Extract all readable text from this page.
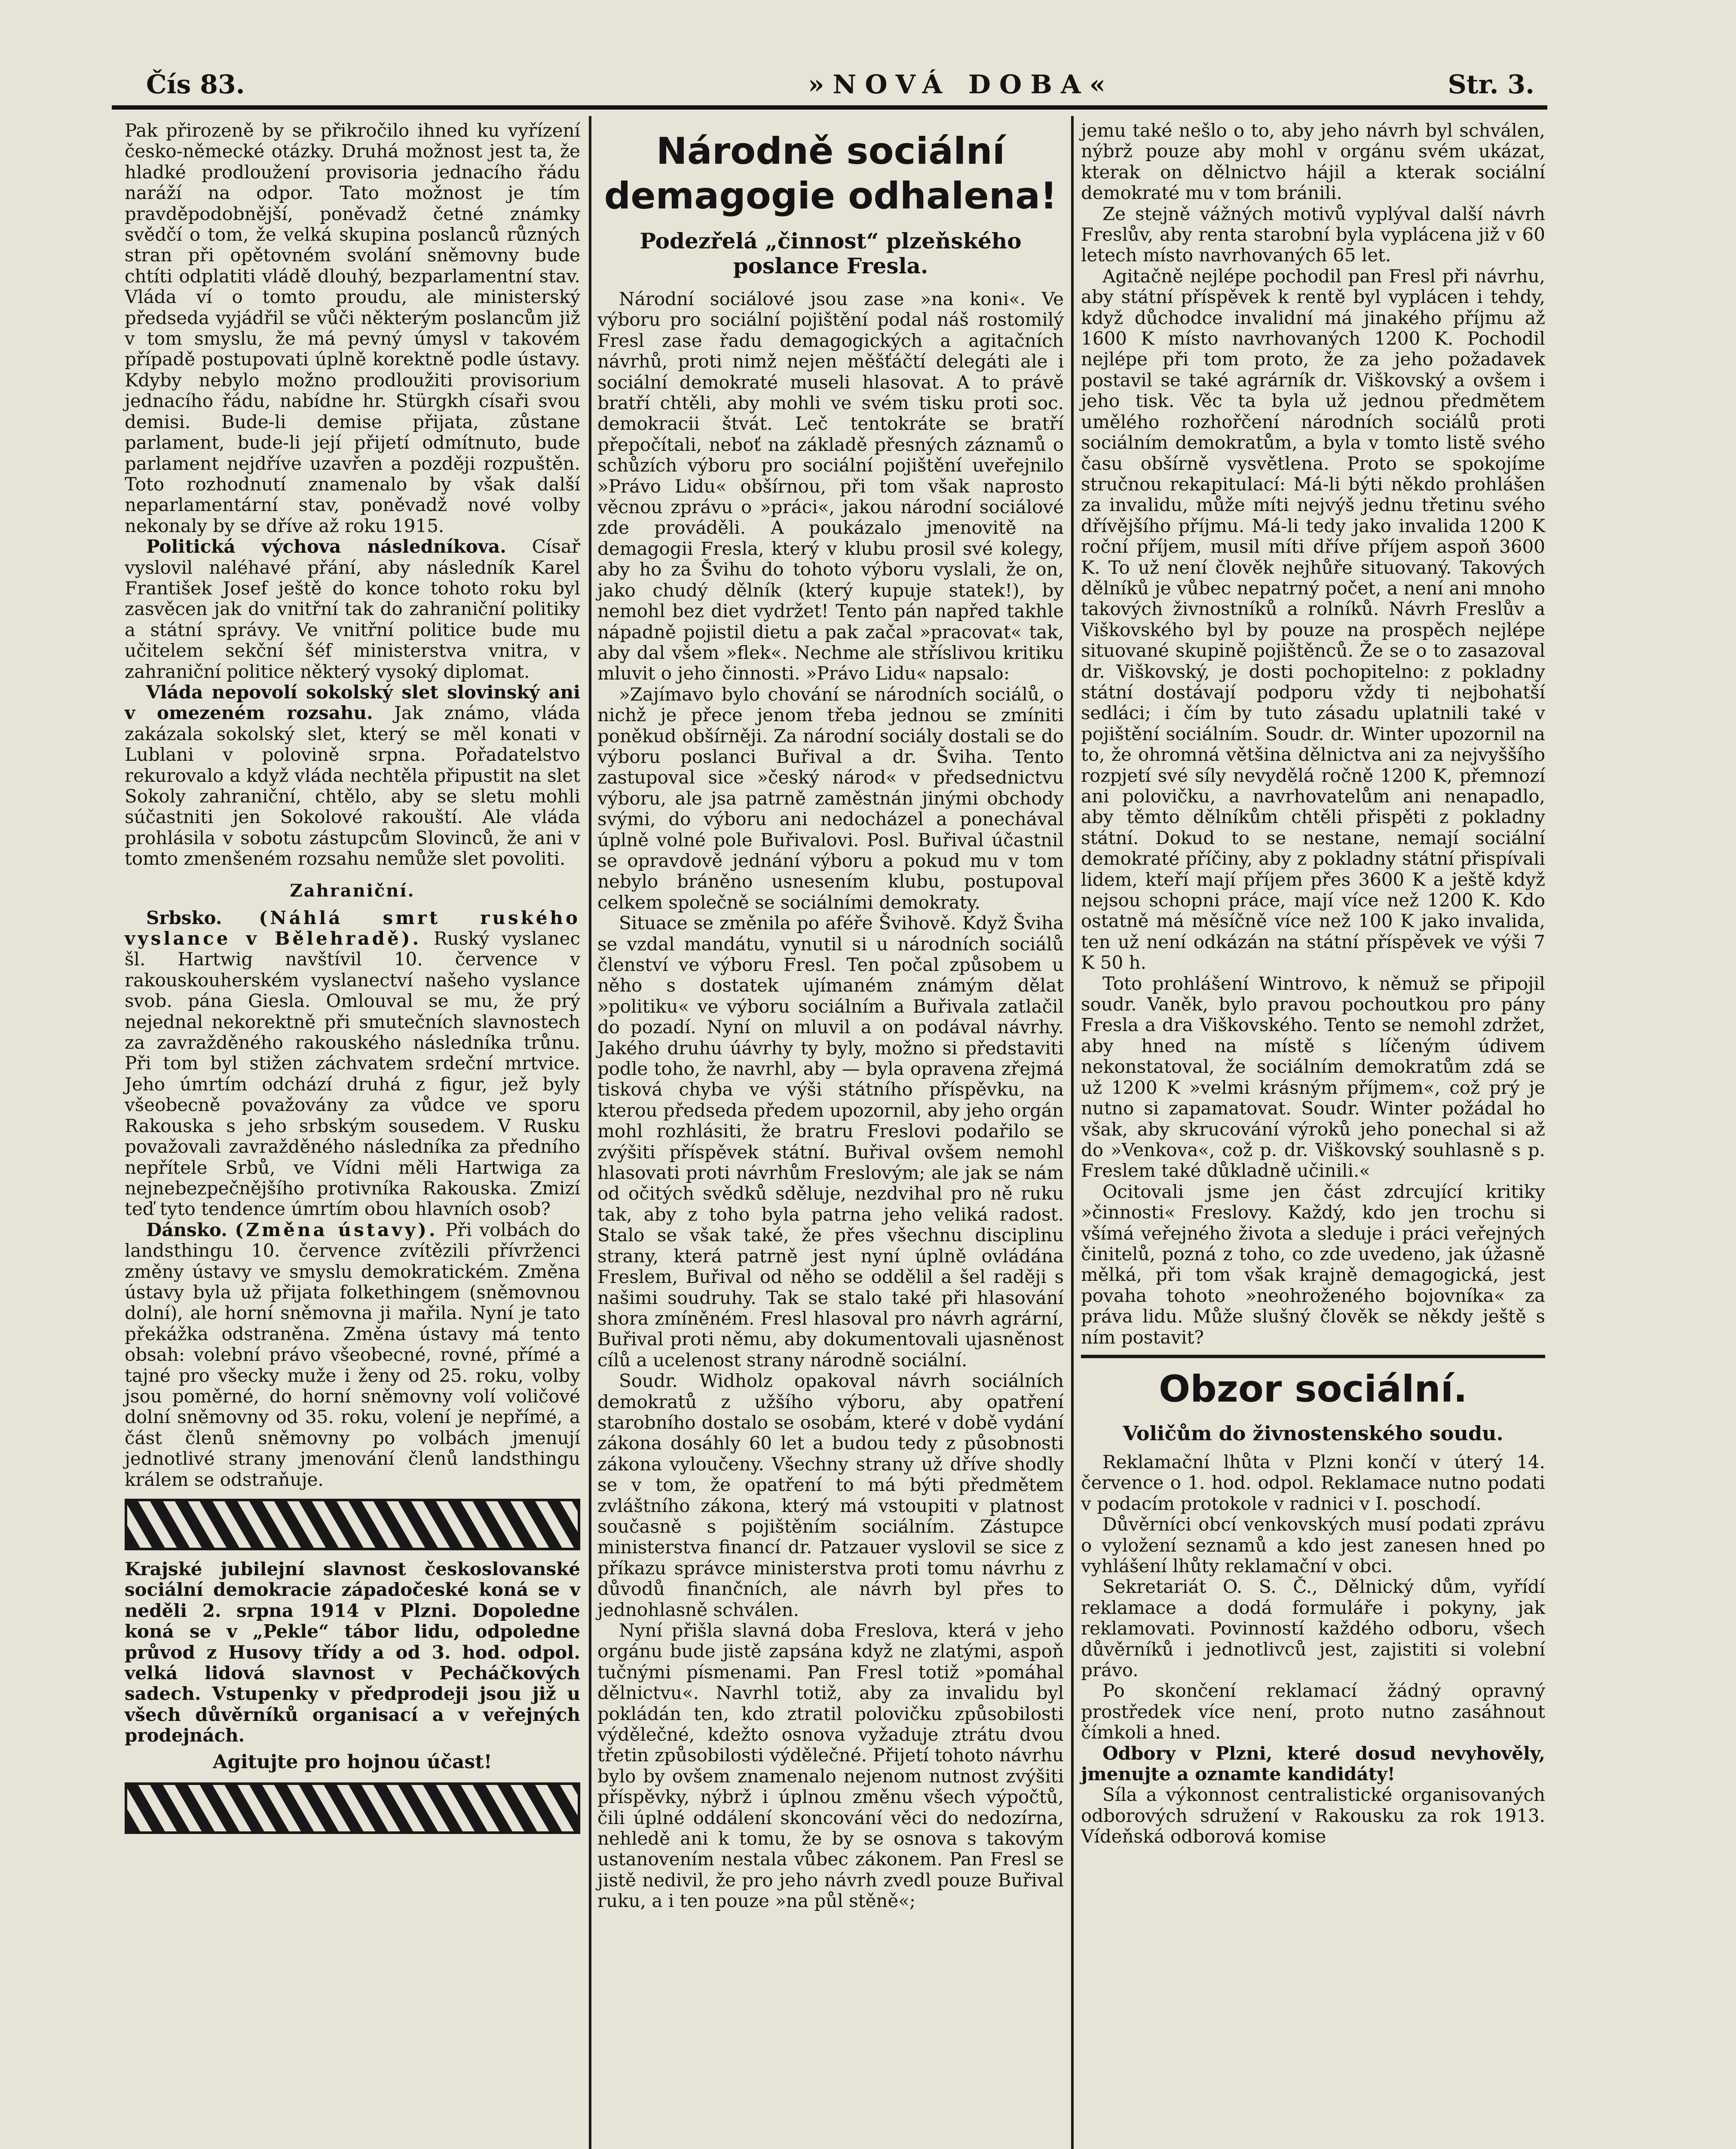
Čís 83.	»NOVÁ DOBA«	Str. 3.

Pak přirozeně by se přikročilo ihned ku vyřízení česko-německé otázky. Druhá možnost jest ta, že hladké prodloužení provisoria jednacího řádu naráží na odpor. Tato možnost je tím pravděpodobnější, poněvadž četné známky svědčí o tom, že velká skupina poslanců různých stran při opětovném svolání sněmovny bude chtíti odplatiti vládě dlouhý, bezparlamentní stav. Vláda ví o tomto proudu, ale ministerský předseda vyjádřil se vůči některým poslancům již v tom smyslu, že má pevný úmysl v takovém případě postupovati úplně korektně podle ústavy. Kdyby nebylo možno prodloužiti provisorium jednacího řádu, nabídne hr. Stürgkh císaři svou demisi. Bude-li demise přijata, zůstane parlament, bude-li její přijetí odmítnuto, bude parlament nejdříve uzavřen a později rozpuštěn. Toto rozhodnutí znamenalo by však další neparlamentární stav, poněvadž nové volby nekonaly by se dříve až roku 1915.

Politická výchova následníkova. Císař vyslovil naléhavé přání, aby následník Karel František Josef ještě do konce tohoto roku byl zasvěcen jak do vnitřní tak do zahraniční politiky a státní správy. Ve vnitřní politice bude mu učitelem sekční šéf ministerstva vnitra, v zahraniční politice některý vysoký diplomat.

Vláda nepovolí sokolský slet slovinský ani v omezeném rozsahu. Jak známo, vláda zakázala sokolský slet, který se měl konati v Lublani v polovině srpna. Pořadatelstvo rekurovalo a když vláda nechtěla připustit na slet Sokoly zahraniční, chtělo, aby se sletu mohli súčastniti jen Sokolové rakouští. Ale vláda prohlásila v sobotu zástupcům Slovinců, že ani v tomto zmenšeném rozsahu nemůže slet povoliti.

Zahraniční.

Srbsko. (Náhlá smrt ruského vyslance v Bělehradě). Ruský vyslanec šl. Hartwig navštívil 10. července v rakouskouherském vyslanectví našeho vyslance svob. pána Giesla. Omlouval se mu, že prý nejednal nekorektně při smutečních slavnostech za zavražděného rakouského následníka trůnu. Při tom byl stižen záchvatem srdeční mrtvice. Jeho úmrtím odchází druhá z figur, jež byly všeobecně považovány za vůdce ve sporu Rakouska s jeho srbským sousedem. V Rusku považovali zavražděného následníka za předního nepřítele Srbů, ve Vídni měli Hartwiga za nejnebezpečnějšího protivníka Rakouska. Zmizí teď tyto tendence úmrtím obou hlavních osob?

Dánsko. (Změna ústavy). Při volbách do landsthingu 10. července zvítězili přívrženci změny ústavy ve smyslu demokratickém. Změna ústavy byla už přijata folkethingem (sněmovnou dolní), ale horní sněmovna ji mařila. Nyní je tato překážka odstraněna. Změna ústavy má tento obsah: volební právo všeobecné, rovné, přímé a tajné pro všecky muže i ženy od 25. roku, volby jsou poměrné, do horní sněmovny volí voličové dolní sněmovny od 35. roku, volení je nepřímé, a část členů sněmovny po volbách jmenují jednotlivé strany jmenování členů landsthingu králem se odstraňuje.

Krajské jubilejní slavnost českoslovanské sociální demokracie západočeské koná se v neděli 2. srpna 1914 v Plzni. Dopoledne koná se v „Pekle“ tábor lidu, odpoledne průvod z Husovy třídy a od 3. hod. odpol. velká lidová slavnost v Pecháčkových sadech. Vstupenky v předprodeji jsou již u všech důvěrníků organisací a v veřejných prodejnách.

Agitujte pro hojnou účast!
Národně sociální demagogie odhalena!
Podezřelá „činnost“ plzeňského poslance Fresla.

Národní sociálové jsou zase »na koni«. Ve výboru pro sociální pojištění podal náš rostomilý Fresl zase řadu demagogických a agitačních návrhů, proti nimž nejen měšťáčtí delegáti ale i sociální demokraté museli hlasovat. A to právě bratří chtěli, aby mohli ve svém tisku proti soc. demokracii štvát. Leč tentokráte se bratří přepočítali, neboť na základě přesných záznamů o schůzích výboru pro sociální pojištění uveřejnilo »Právo Lidu« obšírnou, při tom však naprosto věcnou zprávu o »práci«, jakou národní sociálové zde prováděli. A poukázalo jmenovitě na demagogii Fresla, který v klubu prosil své kolegy, aby ho za Švihu do tohoto výboru vyslali, že on, jako chudý dělník (který kupuje statek!), by nemohl bez diet vydržet! Tento pán napřed takhle nápadně pojistil dietu a pak začal »pracovat« tak, aby dal všem »flek«. Nechme ale stříslivou kritiku mluvit o jeho činnosti. »Právo Lidu« napsalo:

»Zajímavo bylo chování se národních sociálů, o nichž je přece jenom třeba jednou se zmíniti poněkud obšírněji. Za národní sociály dostali se do výboru poslanci Buřival a dr. Šviha. Tento zastupoval sice »český národ« v předsednictvu výboru, ale jsa patrně zaměstnán jinými obchody svými, do výboru ani nedocházel a ponechával úplně volné pole Buřivalovi. Posl. Buřival účastnil se opravdově jednání výboru a pokud mu v tom nebylo bráněno usnesením klubu, postupoval celkem společně se sociálními demokraty.

Situace se změnila po aféře Švihově. Když Šviha se vzdal mandátu, vynutil si u národních sociálů členství ve výboru Fresl. Ten počal způsobem u něho s dostatek ujímaném známým dělat »politiku« ve výboru sociálním a Buřivala zatlačil do pozadí. Nyní on mluvil a on podával návrhy. Jakého druhu úávrhy ty byly, možno si představiti podle toho, že navrhl, aby — byla opravena zřejmá tisková chyba ve výši státního příspěvku, na kterou předseda předem upozornil, aby jeho orgán mohl rozhlásiti, že bratru Freslovi podařilo se zvýšiti příspěvek státní. Buřival ovšem nemohl hlasovati proti návrhům Freslovým; ale jak se nám od očitých svědků sděluje, nezdvihal pro ně ruku tak, aby z toho byla patrna jeho veliká radost. Stalo se však také, že přes všechnu disciplinu strany, která patrně jest nyní úplně ovládána Freslem, Buřival od něho se oddělil a šel raději s našimi soudruhy. Tak se stalo také při hlasování shora zmíněném. Fresl hlasoval pro návrh agrární, Buřival proti němu, aby dokumentovali ujasněnost cílů a ucelenost strany národně sociální.

Soudr. Widholz opakoval návrh sociálních demokratů z užšího výboru, aby opatření starobního dostalo se osobám, které v době vydání zákona dosáhly 60 let a budou tedy z působnosti zákona vyloučeny. Všechny strany už dříve shodly se v tom, že opatření to má býti předmětem zvláštního zákona, který má vstoupiti v platnost současně s pojištěním sociálním. Zástupce ministerstva financí dr. Patzauer vyslovil se sice z příkazu správce ministerstva proti tomu návrhu z důvodů finančních, ale návrh byl přes to jednohlasně schválen.

Nyní přišla slavná doba Freslova, která v jeho orgánu bude jistě zapsána když ne zlatými, aspoň tučnými písmenami. Pan Fresl totiž »pomáhal dělnictvu«. Navrhl totiž, aby za invalidu byl pokládán ten, kdo ztratil polovičku způsobilosti výdělečné, kdežto osnova vyžaduje ztrátu dvou třetin způsobilosti výdělečné. Přijetí tohoto návrhu bylo by ovšem znamenalo nejenom nutnost zvýšiti příspěvky, nýbrž i úplnou změnu všech výpočtů, čili úplné oddálení skoncování věci do nedozírna, nehledě ani k tomu, že by se osnova s takovým ustanovením nestala vůbec zákonem. Pan Fresl se jistě nedivil, že pro jeho návrh zvedl pouze Buřival ruku, a i ten pouze »na půl stěně«;

jemu také nešlo o to, aby jeho návrh byl schválen, nýbrž pouze aby mohl v orgánu svém ukázat, kterak on dělnictvo hájil a kterak sociální demokraté mu v tom bránili.

Ze stejně vážných motivů vyplýval další návrh Freslův, aby renta starobní byla vyplácena již v 60 letech místo navrhovaných 65 let.

Agitačně nejlépe pochodil pan Fresl při návrhu, aby státní příspěvek k rentě byl vyplácen i tehdy, když důchodce invalidní má jinakého příjmu až 1600 K místo navrhovaných 1200 K. Pochodil nejlépe při tom proto, že za jeho požadavek postavil se také agrárník dr. Viškovský a ovšem i jeho tisk. Věc ta byla už jednou předmětem umělého rozhořčení národních sociálů proti sociálním demokratům, a byla v tomto listě svého času obšírně vysvětlena. Proto se spokojíme stručnou rekapitulací: Má-li býti někdo prohlášen za invalidu, může míti nejvýš jednu třetinu svého dřívějšího příjmu. Má-li tedy jako invalida 1200 K roční příjem, musil míti dříve příjem aspoň 3600 K. To už není člověk nejhůře situovaný. Takových dělníků je vůbec nepatrný počet, a není ani mnoho takových živnostníků a rolníků. Návrh Freslův a Viškovského byl by pouze na prospěch nejlépe situované skupině pojištěnců. Že se o to zasazoval dr. Viškovský, je dosti pochopitelno: z pokladny státní dostávají podporu vždy ti nejbohatší sedláci; i čím by tuto zásadu uplatnili také v pojištění sociálním. Soudr. dr. Winter upozornil na to, že ohromná většina dělnictva ani za nejvyššího rozpjetí své síly nevydělá ročně 1200 K, přemnozí ani polovičku, a navrhovatelům ani nenapadlo, aby těmto dělníkům chtěli přispěti z pokladny státní. Dokud to se nestane, nemají sociální demokraté příčiny, aby z pokladny státní přispívali lidem, kteří mají příjem přes 3600 K a ještě když nejsou schopni práce, mají více než 1200 K. Kdo ostatně má měsíčně více než 100 K jako invalida, ten už není odkázán na státní příspěvek ve výši 7 K 50 h.

Toto prohlášení Wintrovo, k němuž se připojil soudr. Vaněk, bylo pravou pochoutkou pro pány Fresla a dra Viškovského. Tento se nemohl zdržet, aby hned na místě s líčeným údivem nekonstatoval, že sociálním demokratům zdá se už 1200 K »velmi krásným příjmem«, což prý je nutno si zapamatovat. Soudr. Winter požádal ho však, aby skrucování výroků jeho ponechal si až do »Venkova«, což p. dr. Viškovský souhlasně s p. Freslem také důkladně učinili.«

Ocitovali jsme jen část zdrcující kritiky »činnosti« Freslovy. Každý, kdo jen trochu si všímá veřejného života a sleduje i práci veřejných činitelů, pozná z toho, co zde uvedeno, jak úžasně mělká, při tom však krajně demagogická, jest povaha tohoto »neohroženého bojovníka« za práva lidu. Může slušný člověk se někdy ještě s ním postavit?

Obzor sociální.
Voličům do živnostenského soudu.

Reklamační lhůta v Plzni končí v úterý 14. července o 1. hod. odpol. Reklamace nutno podati v podacím protokole v radnici v I. poschodí.

Důvěrníci obcí venkovských musí podati zprávu o vyložení seznamů a kdo jest zanesen hned po vyhlášení lhůty reklamační v obci.

Sekretariát O. S. Č., Dělnický dům, vyřídí reklamace a dodá formuláře i pokyny, jak reklamovati. Povinností každého odboru, všech důvěrníků i jednotlivců jest, zajistiti si volební právo.

Po skončení reklamací žádný opravný prostředek více není, proto nutno zasáhnout čímkoli a hned.

Odbory v Plzni, které dosud nevyhověly, jmenujte a oznamte kandidáty!

Síla a výkonnost centralistické organisovaných odborových sdružení v Rakousku za rok 1913. Vídeňská odborová komise
